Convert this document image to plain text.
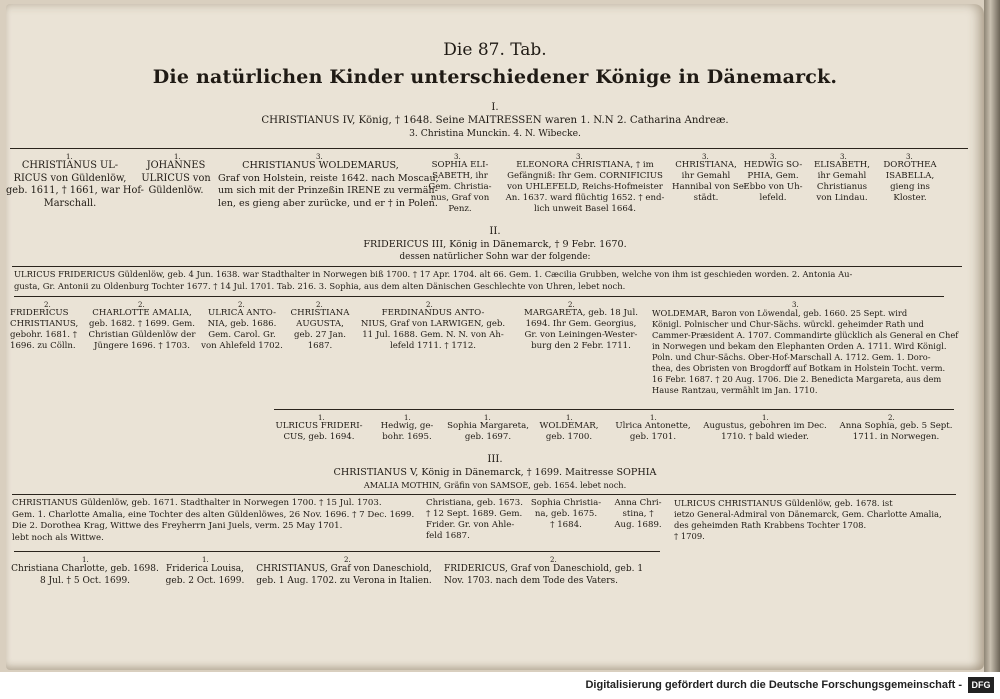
Die 87. Tab.
Die natürlichen Kinder unterschiedener Könige in Dänemarck.
I.
CHRISTIANUS IV, König, † 1648. Seine MAITRESSEN waren 1. N.N 2. Catharina Andreæ.
3. Christina Munckin. 4. N. Wibecke.
1.
CHRISTIANUS UL-
RICUS von Güldenlöw,
geb. 1611, † 1661, war Hof-
Marschall.
1.
JOHANNES
ULRICUS von
Güldenlöw.
3.
CHRISTIANUS WOLDEMARUS,
Graf von Holstein, reiste 1642. nach Moscau,
um sich mit der Prinzeßin IRENE zu vermäh-
len, es gieng aber zurücke, und er † in Polen.
3.
SOPHIA ELI-
SABETH, ihr
Gem. Christia-
nus, Graf von
Penz.
3.
ELEONORA CHRISTIANA, † im
Gefängniß: Ihr Gem. CORNIFICIUS
von UHLEFELD, Reichs-Hofmeister
An. 1637. ward flüchtig 1652. † end-
lich unweit Basel 1664.
3.
CHRISTIANA,
ihr Gemahl
Hannibal von Se-
städt.
3.
HEDWIG SO-
PHIA, Gem.
Ebbo von Uh-
lefeld.
3.
ELISABETH,
ihr Gemahl
Christianus
von Lindau.
3.
DOROTHEA
ISABELLA,
gieng ins
Kloster.
II.
FRIDERICUS III, König in Dänemarck, † 9 Febr. 1670.
dessen natürlicher Sohn war der folgende:
ULRICUS FRIDERICUS Güldenlöw, geb. 4 Jun. 1638. war Stadthalter in Norwegen biß 1700. † 17 Apr. 1704. alt 66. Gem. 1. Cæcilia Grubben, welche von ihm ist geschieden worden. 2. Antonia Au-
gusta, Gr. Antonii zu Oldenburg Tochter 1677. † 14 Jul. 1701. Tab. 216. 3. Sophia, aus dem alten Dänischen Geschlechte von Uhren, lebet noch.
2.
FRIDERICUS
CHRISTIANUS,
gebohr. 1681. †
1696. zu Cölln.
2.
CHARLOTTE AMALIA,
geb. 1682. † 1699. Gem.
Christian Güldenlöw der
Jüngere 1696. † 1703.
2.
ULRICA ANTO-
NIA, geb. 1686.
Gem. Carol. Gr.
von Ahlefeld 1702.
2.
CHRISTIANA
AUGUSTA,
geb. 27 Jan.
1687.
2.
FERDINANDUS ANTO-
NIUS, Graf von LARWIGEN, geb.
11 Jul. 1688. Gem. N. N. von Ah-
lefeld 1711. † 1712.
2.
MARGARETA, geb. 18 Jul.
1694. Ihr Gem. Georgius,
Gr. von Leiningen-Wester-
burg den 2 Febr. 1711.
3.
WOLDEMAR, Baron von Löwendal, geb. 1660. 25 Sept. wird
Königl. Polnischer und Chur-Sächs. würckl. geheimder Rath und
Cammer-Præsident A. 1707. Commandirte glücklich als General en Chef
in Norwegen und bekam den Elephanten Orden A. 1711. Wird Königl.
Poln. und Chur-Sächs. Ober-Hof-Marschall A. 1712. Gem. 1. Doro-
thea, des Obristen von Brogdorff auf Botkam in Holstein Tocht. verm.
16 Febr. 1687. † 20 Aug. 1706. Die 2. Benedicta Margareta, aus dem
Hause Rantzau, vermählt im Jan. 1710.
1.
ULRICUS FRIDERI-
CUS, geb. 1694.
1.
Hedwig, ge-
bohr. 1695.
1.
Sophia Margareta,
geb. 1697.
1.
WOLDEMAR,
geb. 1700.
1.
Ulrica Antonette,
geb. 1701.
1.
Augustus, gebohren im Dec.
1710. † bald wieder.
2.
Anna Sophia, geb. 5 Sept.
1711. in Norwegen.
III.
CHRISTIANUS V, König in Dänemarck, † 1699. Maitresse SOPHIA
AMALIA MOTHIN, Gräfin von SAMSOE, geb. 1654. lebet noch.
CHRISTIANUS Güldenlöw, geb. 1671. Stadthalter in Norwegen 1700. † 15 Jul. 1703.
Gem. 1. Charlotte Amalia, eine Tochter des alten Güldenlöwes, 26 Nov. 1696. † 7 Dec. 1699.
Die 2. Dorothea Krag, Wittwe des Freyherrn Jani Juels, verm. 25 May 1701.
lebt noch als Wittwe.
Christiana, geb. 1673.
† 12 Sept. 1689. Gem.
Frider. Gr. von Ahle-
feld 1687.
Sophia Christia-
na, geb. 1675.
† 1684.
Anna Chri-
stina, †
Aug. 1689.
ULRICUS CHRISTIANUS Güldenlöw, geb. 1678. ist
ietzo General-Admiral von Dänemarck, Gem. Charlotte Amalia,
des geheimden Rath Krabbens Tochter 1708.
† 1709.
1.
Christiana Charlotte, geb. 1698.
8 Jul. † 5 Oct. 1699.
1.
Friderica Louisa,
geb. 2 Oct. 1699.
2.
CHRISTIANUS, Graf von Daneschiold,
geb. 1 Aug. 1702. zu Verona in Italien.
2.
FRIDERICUS, Graf von Daneschiold, geb. 1
Nov. 1703. nach dem Tode des Vaters.
Digitalisierung gefördert durch die Deutsche Forschungsgemeinschaft -	DFG
